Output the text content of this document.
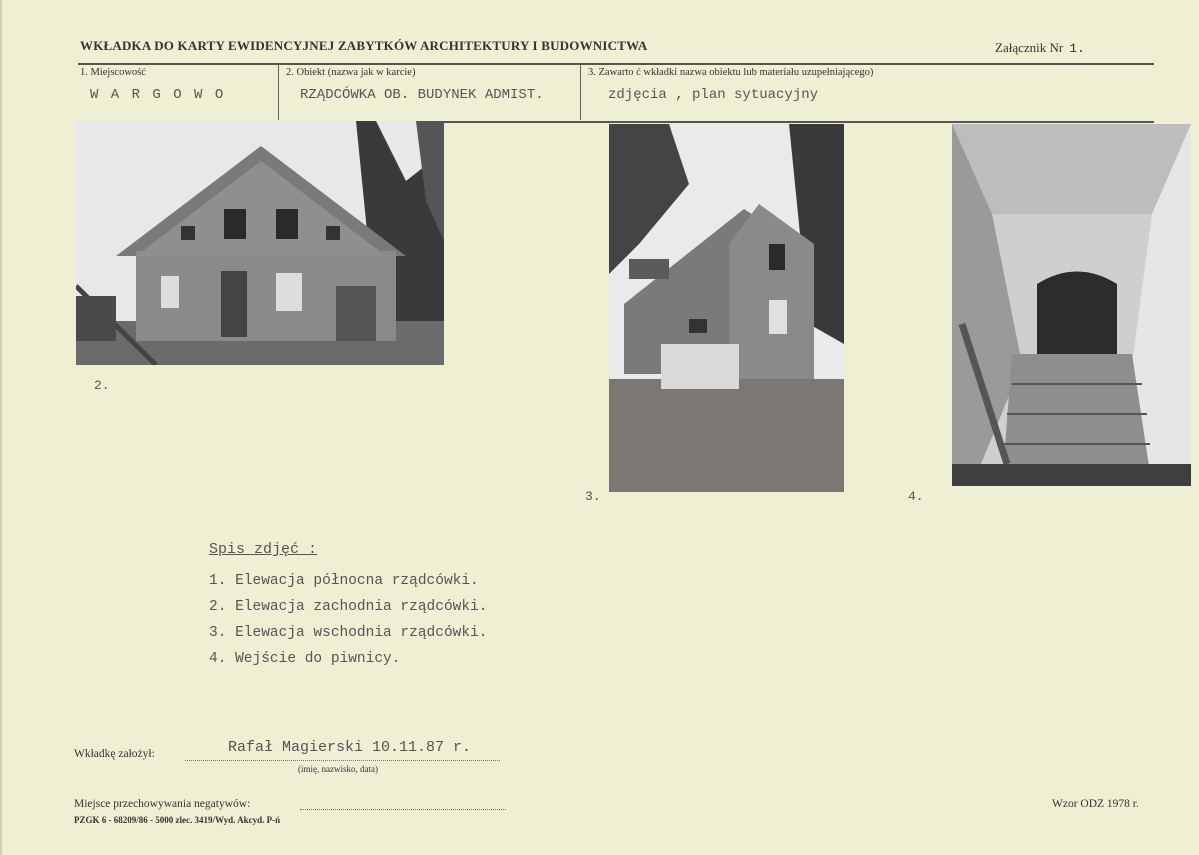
WKŁADKA DO KARTY EWIDENCYJNEJ ZABYTKÓW ARCHITEKTURY I BUDOWNICTWA	Załącznik Nr 1.
1. Miejscowość
W A R G O W O
2. Obiekt (nazwa jak w karcie)
RZĄDCÓWKA OB. BUDYNEK ADMIST.
3. Zawarto ć wkładki nazwa obiektu lub materiału uzupełniającego)
zdjęcia , plan sytuacyjny
2.
3.	4.
Spis zdjęć :
1. Elewacja północna rządcówki.
2. Elewacja zachodnia rządcówki.
3. Elewacja wschodnia rządcówki.
4. Wejście do piwnicy.
Wkładkę założył:	Rafał Magierski 10.11.87 r.
(imię, nazwisko, data)
Miejsce przechowywania negatywów:
PZGK 6 - 68209/86 - 5000 zlec. 3419/Wyd. Akcyd. P-ń
Wzor ODZ 1978 r.
